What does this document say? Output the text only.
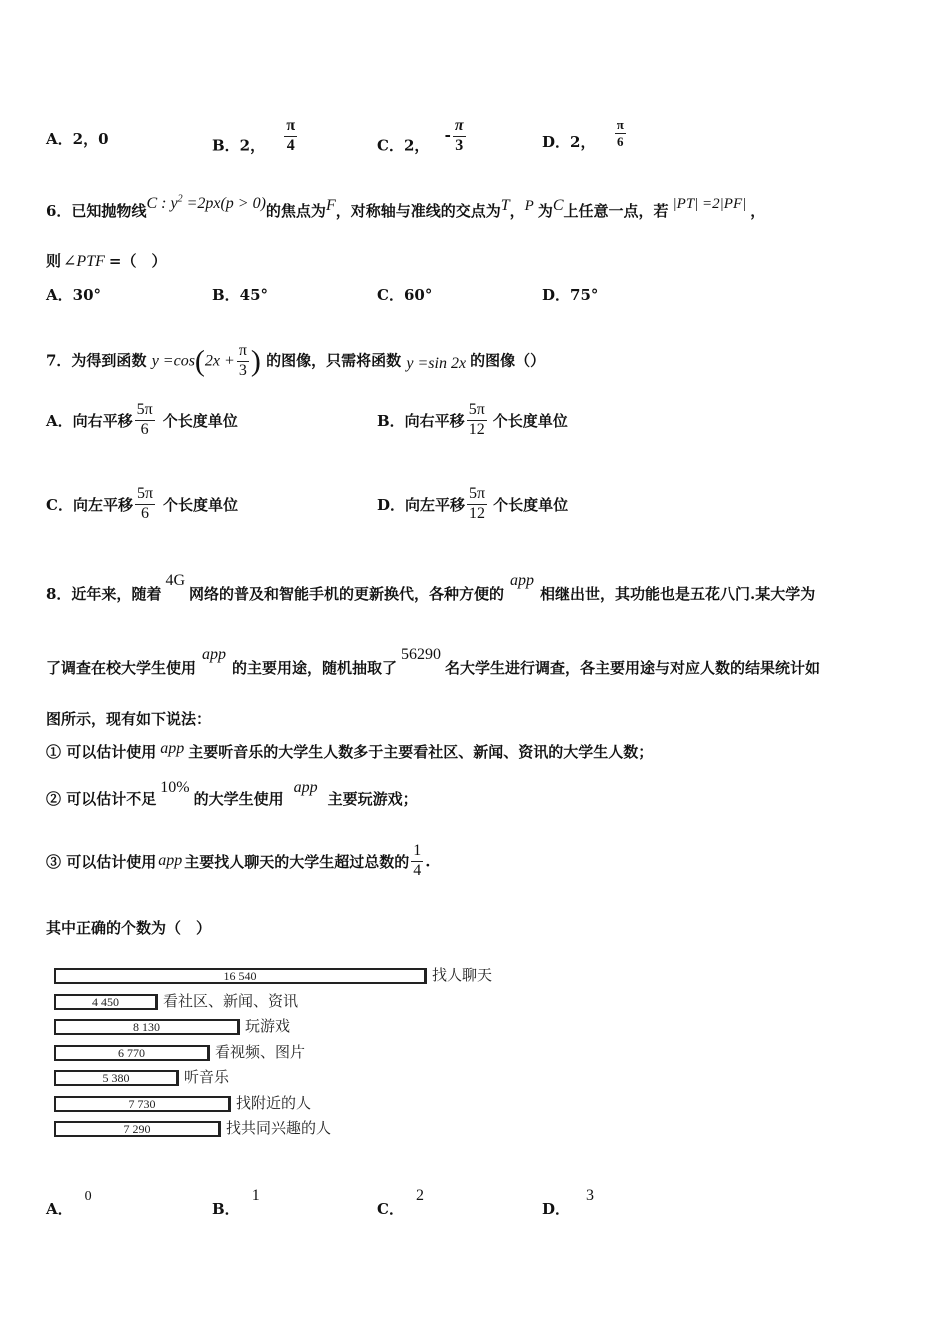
A．2，0	B．2， $\frac{\pi}{4}$	C．2， - $\frac{\pi}{3}$	D．2， $\frac{\pi}{6}$
6．已知抛物线C : $y^2 =2px(p > 0)$的焦点为F，对称轴与准线的交点为T，P 为C上任意一点，若 |PT| =2|PF| ，
则 ∠PTF =（　）
A．30°	B．45°	C．60°	D．75°
7．为得到函数 $y =\cos(2x + \frac{\pi}{3}$ ) 的图像，只需将函数 y =sin 2x 的图像（）
A．向右平移 $\frac{5\pi}{6}$ 个长度单位	B．向右平移 $\frac{5\pi}{12}$ 个长度单位
C．向左平移 $\frac{5\pi}{6}$ 个长度单位	D．向左平移 $\frac{5\pi}{12}$ 个长度单位
8．近年来，随着4G网络的普及和智能手机的更新换代，各种方便的app相继出世，其功能也是五花八门.某大学为
了调查在校大学生使用app的主要用途，随机抽取了56290名大学生进行调查，各主要用途与对应人数的结果统计如
图所示，现有如下说法：
① 可以估计使用 app 主要听音乐的大学生人数多于主要看社区、新闻、资讯的大学生人数；
② 可以估计不足10%的大学生使用app主要玩游戏；
③ 可以估计使用 app 主要找人聊天的大学生超过总数的 $\frac{1}{4}$ .
其中正确的个数为（　）
16 540	找人聊天
4 450	看社区、新闻、资讯
8 130	玩游戏
6 770	看视频、图片
5 380	听音乐
7 730	找附近的人
7 290	找共同兴趣的人
A．0
B．1
C．2
D．3
